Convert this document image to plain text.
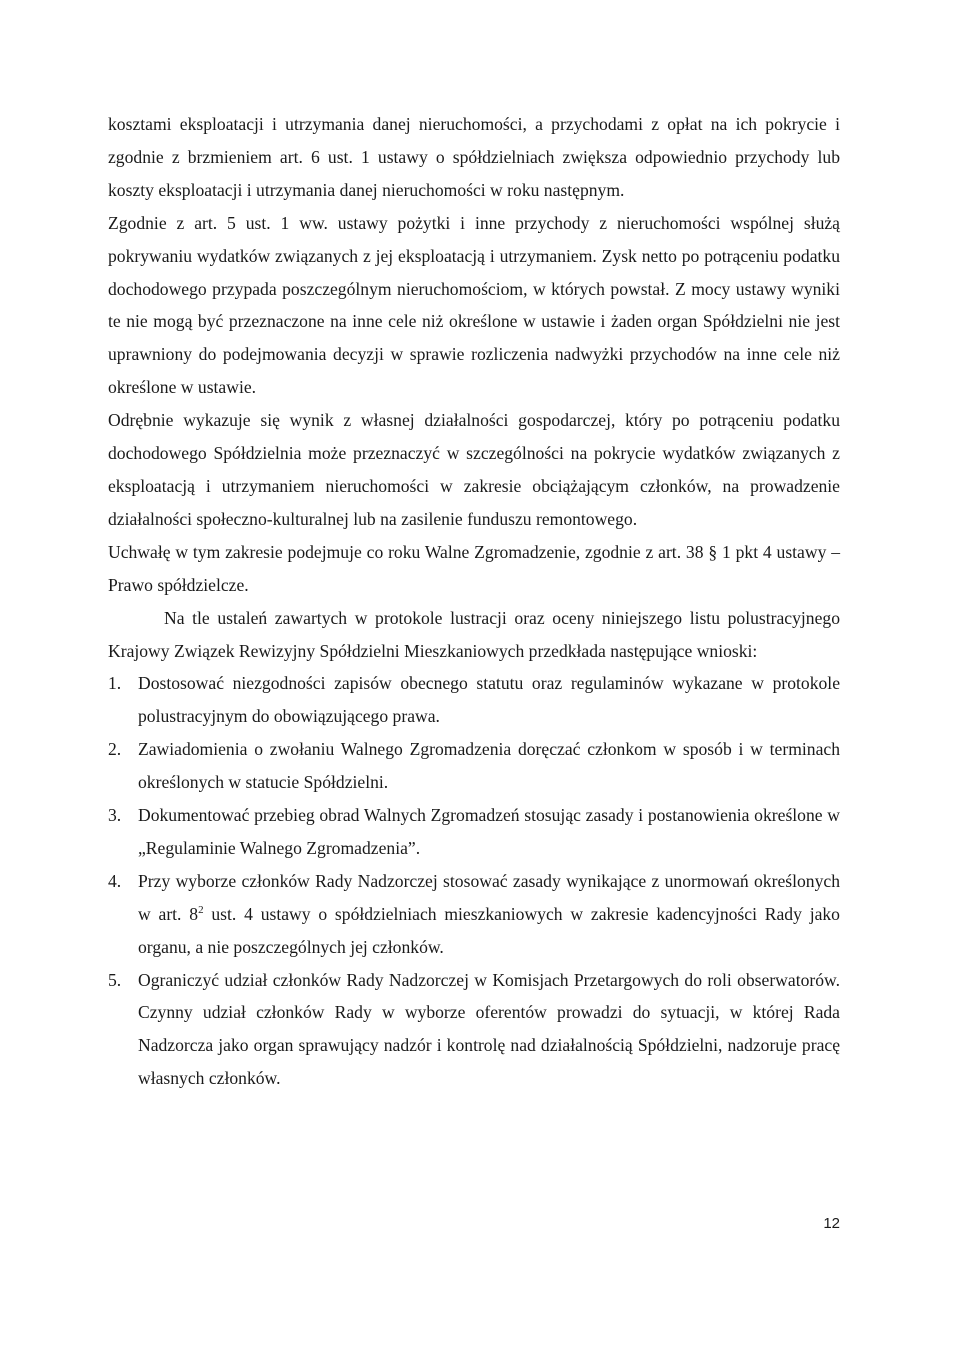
kosztami eksploatacji i utrzymania danej nieruchomości, a przychodami z opłat na ich pokrycie i zgodnie z brzmieniem art. 6 ust. 1 ustawy o spółdzielniach zwiększa odpowiednio przychody lub koszty eksploatacji i utrzymania danej nieruchomości w roku następnym.

Zgodnie z art. 5 ust. 1 ww. ustawy pożytki i inne przychody z nieruchomości wspólnej służą pokrywaniu wydatków związanych z jej eksploatacją i utrzymaniem. Zysk netto po potrąceniu podatku dochodowego przypada poszczególnym nieruchomościom, w których powstał. Z mocy ustawy wyniki te nie mogą być przeznaczone na inne cele niż określone w ustawie i żaden organ Spółdzielni nie jest uprawniony do podejmowania decyzji w sprawie rozliczenia nadwyżki przychodów na inne cele niż określone w ustawie.

Odrębnie wykazuje się wynik z własnej działalności gospodarczej, który po potrąceniu podatku dochodowego Spółdzielnia może przeznaczyć w szczególności na pokrycie wydatków związanych z eksploatacją i utrzymaniem nieruchomości w zakresie obciążającym członków, na prowadzenie działalności społeczno-kulturalnej lub na zasilenie funduszu remontowego.

Uchwałę w tym zakresie podejmuje co roku Walne Zgromadzenie, zgodnie z art. 38 § 1 pkt 4 ustawy – Prawo spółdzielcze.

Na tle ustaleń zawartych w protokole lustracji oraz oceny niniejszego listu polustracyjnego Krajowy Związek Rewizyjny Spółdzielni Mieszkaniowych przedkłada następujące wnioski:

1. Dostosować niezgodności zapisów obecnego statutu oraz regulaminów wykazane w protokole polustracyjnym do obowiązującego prawa.
2. Zawiadomienia o zwołaniu Walnego Zgromadzenia doręczać członkom w sposób i w terminach określonych w statucie Spółdzielni.
3. Dokumentować przebieg obrad Walnych Zgromadzeń stosując zasady i postanowienia określone w „Regulaminie Walnego Zgromadzenia”.
4. Przy wyborze członków Rady Nadzorczej stosować zasady wynikające z unormowań określonych w art. $8^2$ ust. 4 ustawy o spółdzielniach mieszkaniowych w zakresie kadencyjności Rady jako organu, a nie poszczególnych jej członków.
5. Ograniczyć udział członków Rady Nadzorczej w Komisjach Przetargowych do roli obserwatorów. Czynny udział członków Rady w wyborze oferentów prowadzi do sytuacji, w której Rada Nadzorcza jako organ sprawujący nadzór i kontrolę nad działalnością Spółdzielni, nadzoruje pracę własnych członków.
12
